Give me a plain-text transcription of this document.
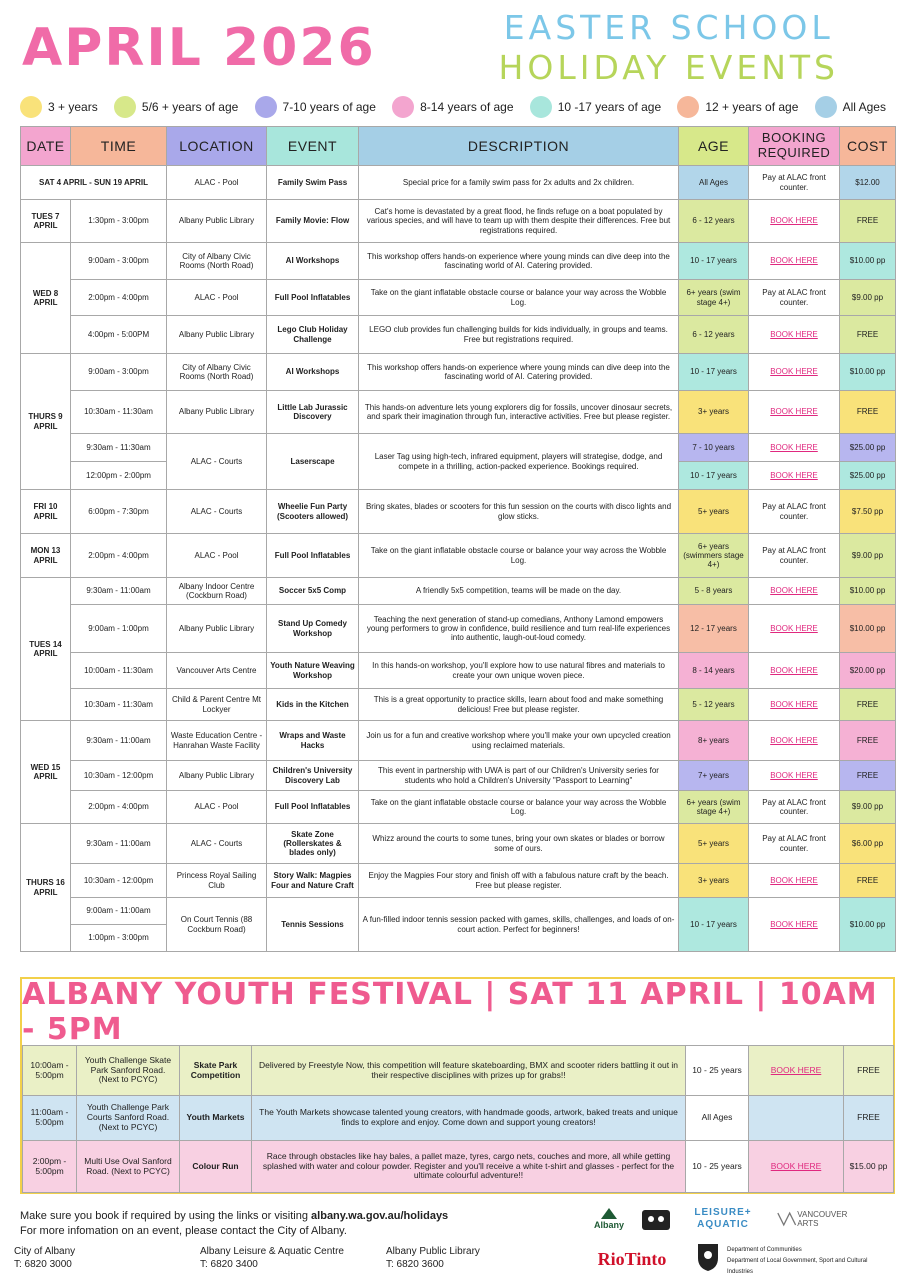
APRIL 2026	EASTER SCHOOL
HOLIDAY EVENTS
3 + years	5/6 + years of age	7-10 years of age	8-14 years of age	10 -17 years of age	12 + years of age	All Ages
DATE	TIME	LOCATION	EVENT	DESCRIPTION	AGE	BOOKING REQUIRED	COST
SAT 4 APRIL - SUN 19 APRIL		ALAC - Pool	Family Swim Pass	Special price for a family swim pass for 2x adults and 2x children.	All Ages	Pay at ALAC front counter.	$12.00
TUES 7 APRIL	1:30pm - 3:00pm	Albany Public Library	Family Movie: Flow	Cat's home is devastated by a great flood, he finds refuge on a boat populated by various species, and will have to team up with them despite their differences. Free but registrations required.	6 - 12 years	BOOK HERE	FREE
WED 8 APRIL	9:00am - 3:00pm	City of Albany Civic Rooms (North Road)	AI Workshops	This workshop offers hands-on experience where young minds can dive deep into the fascinating world of AI. Catering provided.	10 - 17 years	BOOK HERE	$10.00 pp
	2:00pm - 4:00pm	ALAC - Pool	Full Pool Inflatables	Take on the giant inflatable obstacle course or balance your way across the Wobble Log.	6+ years (swim stage 4+)	Pay at ALAC front counter.	$9.00 pp
	4:00pm - 5:00PM	Albany Public Library	Lego Club Holiday Challenge	LEGO club provides fun challenging builds for kids individually, in groups and teams. Free but registrations required.	6 - 12 years	BOOK HERE	FREE
THURS 9 APRIL	9:00am - 3:00pm	City of Albany Civic Rooms (North Road)	AI Workshops	This workshop offers hands-on experience where young minds can dive deep into the fascinating world of AI. Catering provided.	10 - 17 years	BOOK HERE	$10.00 pp
	10:30am - 11:30am	Albany Public Library	Little Lab Jurassic Discovery	This hands-on adventure lets young explorers dig for fossils, uncover dinosaur secrets, and spark their imagination through fun, interactive activities. Free but please register.	3+ years	BOOK HERE	FREE
	9:30am - 11:30am	ALAC - Courts	Laserscape	Laser Tag using high-tech, infrared equipment, players will strategise, dodge, and compete in a thrilling, action-packed experience. Bookings required.	7 - 10 years	BOOK HERE	$25.00 pp
	12:00pm - 2:00pm				10 - 17 years	BOOK HERE	$25.00 pp
FRI 10 APRIL	6:00pm - 7:30pm	ALAC - Courts	Wheelie Fun Party (Scooters allowed)	Bring skates, blades or scooters for this fun session on the courts with disco lights and glow sticks.	5+ years	Pay at ALAC front counter.	$7.50 pp
MON 13 APRIL	2:00pm - 4:00pm	ALAC - Pool	Full Pool Inflatables	Take on the giant inflatable obstacle course or balance your way across the Wobble Log.	6+ years (swimmers stage 4+)	Pay at ALAC front counter.	$9.00 pp
TUES 14 APRIL	9:30am - 11:00am	Albany Indoor Centre (Cockburn Road)	Soccer 5x5 Comp	A friendly 5x5 competition, teams will be made on the day.	5 - 8 years	BOOK HERE	$10.00 pp
	9:00am - 1:00pm	Albany Public Library	Stand Up Comedy Workshop	Teaching the next generation of stand-up comedians, Anthony Lamond empowers young performers to grow in confidence, build resilience and turn real-life experiences into authentic, laugh-out-loud comedy.	12 - 17 years	BOOK HERE	$10.00 pp
	10:00am - 11:30am	Vancouver Arts Centre	Youth Nature Weaving Workshop	In this hands-on workshop, you'll explore how to use natural fibres and materials to create your own unique woven piece.	8 - 14 years	BOOK HERE	$20.00 pp
	10:30am - 11:30am	Child & Parent Centre Mt Lockyer	Kids in the Kitchen	This is a great opportunity to practice skills, learn about food and make something delicious! Free but please register.	5 - 12 years	BOOK HERE	FREE
WED 15 APRIL	9:30am - 11:00am	Waste Education Centre - Hanrahan Waste Facility	Wraps and Waste Hacks	Join us for a fun and creative workshop where you'll make your own upcycled creation using reclaimed materials.	8+ years	BOOK HERE	FREE
	10:30am - 12:00pm	Albany Public Library	Children's University Discovery Lab	This event in partnership with UWA is part of our Children's University series for students who hold a Children's University "Passport to Learning"	7+ years	BOOK HERE	FREE
	2:00pm - 4:00pm	ALAC - Pool	Full Pool Inflatables	Take on the giant inflatable obstacle course or balance your way across the Wobble Log.	6+ years (swim stage 4+)	Pay at ALAC front counter.	$9.00 pp
THURS 16 APRIL	9:30am - 11:00am	ALAC - Courts	Skate Zone (Rollerskates & blades only)	Whizz around the courts to some tunes, bring your own skates or blades or borrow some of ours.	5+ years	Pay at ALAC front counter.	$6.00 pp
	10:30am - 12:00pm	Princess Royal Sailing Club	Story Walk: Magpies Four and Nature Craft	Enjoy the Magpies Four story and finish off with a fabulous nature craft by the beach. Free but please register.	3+ years	BOOK HERE	FREE
	9:00am - 11:00am	On Court Tennis (88 Cockburn Road)	Tennis Sessions	A fun-filled indoor tennis session packed with games, skills, challenges, and loads of on-court action. Perfect for beginners!	10 - 17 years	BOOK HERE	$10.00 pp
	1:00pm - 3:00pm						
ALBANY YOUTH FESTIVAL | SAT 11 APRIL | 10AM - 5PM
10:00am - 5:00pm	Youth Challenge Skate Park Sanford Road. (Next to PCYC)	Skate Park Competition	Delivered by Freestyle Now, this competition will feature skateboarding, BMX and scooter riders battling it out in their respective disciplines with prizes up for grabs!!	10 - 25 years	BOOK HERE	FREE
11:00am - 5:00pm	Youth Challenge Park Courts Sanford Road. (Next to PCYC)	Youth Markets	The Youth Markets showcase talented young creators, with handmade goods, artwork, baked treats and unique finds to explore and enjoy. Come down and support young creators!	All Ages		FREE
2:00pm - 5:00pm	Multi Use Oval Sanford Road. (Next to PCYC)	Colour Run	Race through obstacles like hay bales, a pallet maze, tyres, cargo nets, couches and more, all while getting splashed with water and colour powder. Register and you'll receive a white t-shirt and glasses - perfect for the ultimate colourful adventure!!	10 - 25 years	BOOK HERE	$15.00 pp
Make sure you book if required by using the links or visiting albany.wa.gov.au/holidays
For more infomation on an event, please contact the City of Albany.
City of Albany
T: 6820 3000
Albany Leisure & Aquatic Centre
T: 6820 3400
Albany Public Library
T: 6820 3600
Albany
LEISURE+ AQUATIC
VANCOUVER ARTS
RioTinto	Department of Communities
Department of Local Government, Sport and Cultural Industries
